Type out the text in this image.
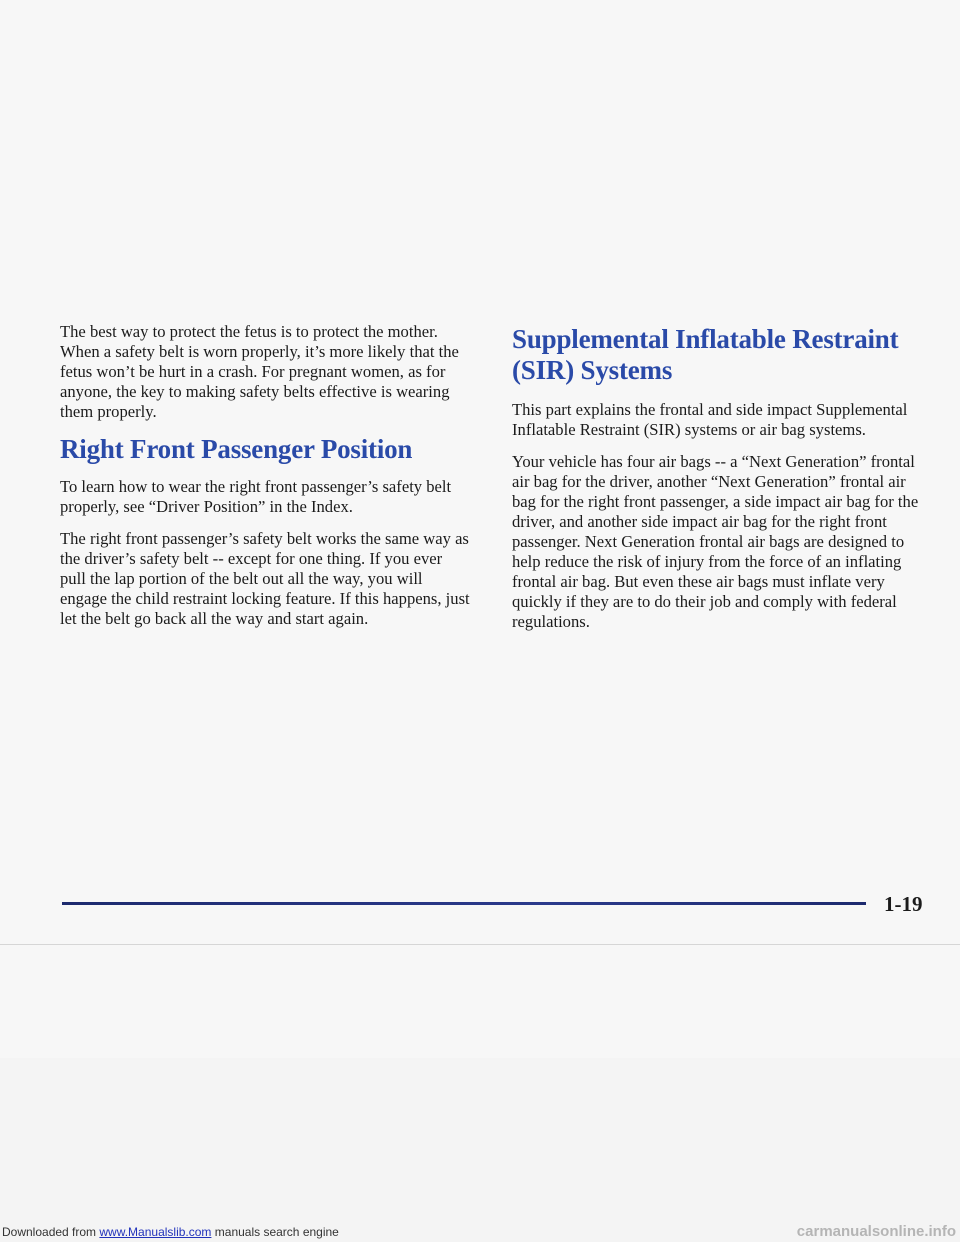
The best way to protect the fetus is to protect the mother. When a safety belt is worn properly, it’s more likely that the fetus won’t be hurt in a crash. For pregnant women, as for anyone, the key to making safety belts effective is wearing them properly.

Right Front Passenger Position

To learn how to wear the right front passenger’s safety belt properly, see “Driver Position” in the Index.

The right front passenger’s safety belt works the same way as the driver’s safety belt -- except for one thing. If you ever pull the lap portion of the belt out all the way, you will engage the child restraint locking feature. If this happens, just let the belt go back all the way and start again.

Supplemental Inflatable Restraint (SIR) Systems

This part explains the frontal and side impact Supplemental Inflatable Restraint (SIR) systems or air bag systems.

Your vehicle has four air bags -- a “Next Generation” frontal air bag for the driver, another “Next Generation” frontal air bag for the right front passenger, a side impact air bag for the driver, and another side impact air bag for the right front passenger. Next Generation frontal air bags are designed to help reduce the risk of injury from the force of an inflating frontal air bag. But even these air bags must inflate very quickly if they are to do their job and comply with federal regulations.

1-19
Downloaded from www.Manualslib.com manuals search engine	carmanualsonline.info
